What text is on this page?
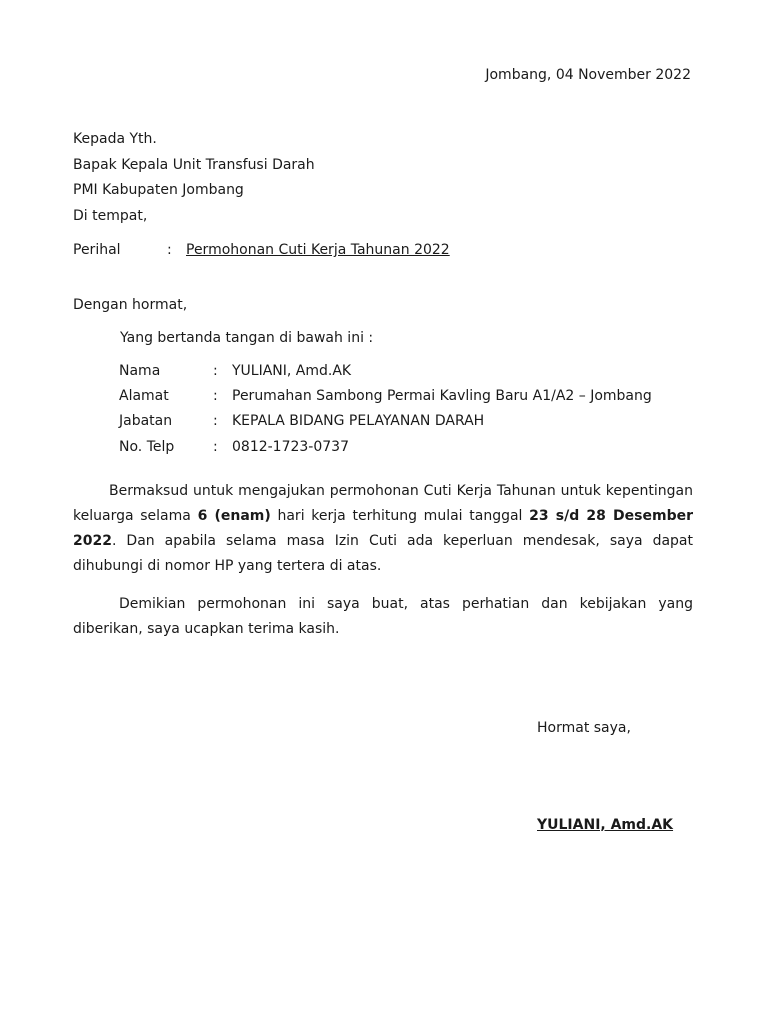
Jombang, 04 November 2022
Kepada Yth.
Bapak Kepala Unit Transfusi Darah
PMI Kabupaten Jombang
Di tempat,
Perihal	: Permohonan Cuti Kerja Tahunan 2022
Dengan hormat,
Yang bertanda tangan di bawah ini :
Nama	: YULIANI, Amd.AK
Alamat	: Perumahan Sambong Permai Kavling Baru A1/A2 – Jombang
Jabatan	: KEPALA BIDANG PELAYANAN DARAH
No. Telp	: 0812-1723-0737

Bermaksud untuk mengajukan permohonan Cuti Kerja Tahunan untuk kepentingan keluarga selama 6 (enam) hari kerja terhitung mulai tanggal 23 s/d 28 Desember 2022. Dan apabila selama masa Izin Cuti ada keperluan mendesak, saya dapat dihubungi di nomor HP yang tertera di atas.

Demikian permohonan ini saya buat, atas perhatian dan kebijakan yang diberikan, saya ucapkan terima kasih.

Hormat saya,
YULIANI, Amd.AK
